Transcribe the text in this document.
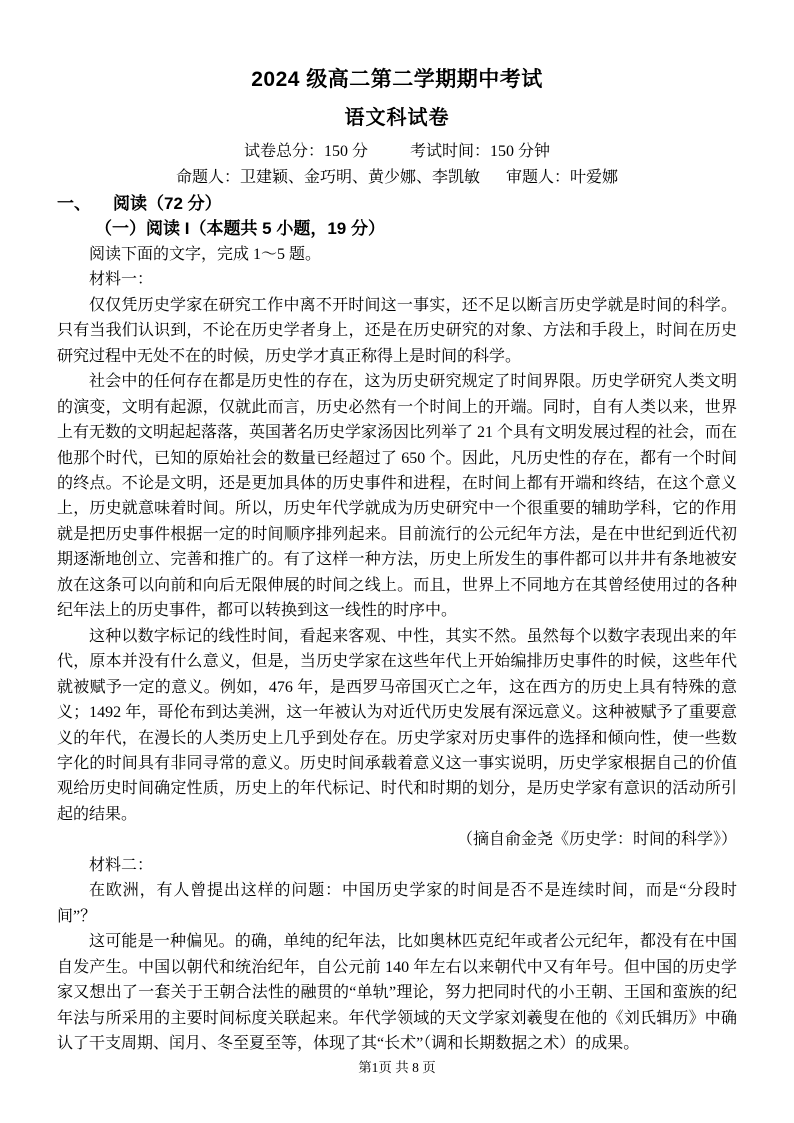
2024 级高二第二学期期中考试
语文科试卷

试卷总分：150 分	考试时间：150 分钟

命题人：卫建颖、金巧明、黄少娜、李凯敏 审题人：叶爱娜

一、 阅读（72 分）

（一）阅读 I（本题共 5 小题，19 分）

阅读下面的文字，完成 1～5 题。

材料一：

仅仅凭历史学家在研究工作中离不开时间这一事实，还不足以断言历史学就是时间的科学。只有当我们认识到，不论在历史学者身上，还是在历史研究的对象、方法和手段上，时间在历史研究过程中无处不在的时候，历史学才真正称得上是时间的科学。

社会中的任何存在都是历史性的存在，这为历史研究规定了时间界限。历史学研究人类文明的演变，文明有起源，仅就此而言，历史必然有一个时间上的开端。同时，自有人类以来，世界上有无数的文明起起落落，英国著名历史学家汤因比列举了 21 个具有文明发展过程的社会，而在他那个时代，已知的原始社会的数量已经超过了 650 个。因此，凡历史性的存在，都有一个时间的终点。不论是文明，还是更加具体的历史事件和进程，在时间上都有开端和终结，在这个意义上，历史就意味着时间。所以，历史年代学就成为历史研究中一个很重要的辅助学科，它的作用就是把历史事件根据一定的时间顺序排列起来。目前流行的公元纪年方法，是在中世纪到近代初期逐渐地创立、完善和推广的。有了这样一种方法，历史上所发生的事件都可以井井有条地被安放在这条可以向前和向后无限伸展的时间之线上。而且，世界上不同地方在其曾经使用过的各种纪年法上的历史事件，都可以转换到这一线性的时序中。

这种以数字标记的线性时间，看起来客观、中性，其实不然。虽然每个以数字表现出来的年代，原本并没有什么意义，但是，当历史学家在这些年代上开始编排历史事件的时候，这些年代就被赋予一定的意义。例如，476 年，是西罗马帝国灭亡之年，这在西方的历史上具有特殊的意义；1492 年，哥伦布到达美洲，这一年被认为对近代历史发展有深远意义。这种被赋予了重要意义的年代，在漫长的人类历史上几乎到处存在。历史学家对历史事件的选择和倾向性，使一些数字化的时间具有非同寻常的意义。历史时间承载着意义这一事实说明，历史学家根据自己的价值观给历史时间确定性质，历史上的年代标记、时代和时期的划分，是历史学家有意识的活动所引起的结果。

（摘自俞金尧《历史学：时间的科学》）

材料二：

在欧洲，有人曾提出这样的问题：中国历史学家的时间是否不是连续时间，而是“分段时间”？

这可能是一种偏见。的确，单纯的纪年法，比如奥林匹克纪年或者公元纪年，都没有在中国自发产生。中国以朝代和统治纪年，自公元前 140 年左右以来朝代中又有年号。但中国的历史学家又想出了一套关于王朝合法性的融贯的“单轨”理论，努力把同时代的小王朝、王国和蛮族的纪年法与所采用的主要时间标度关联起来。年代学领域的天文学家刘羲叟在他的《刘氏辑历》中确认了干支周期、闰月、冬至夏至等，体现了其“长术”（调和长期数据之术）的成果。

第1页 共 8 页
